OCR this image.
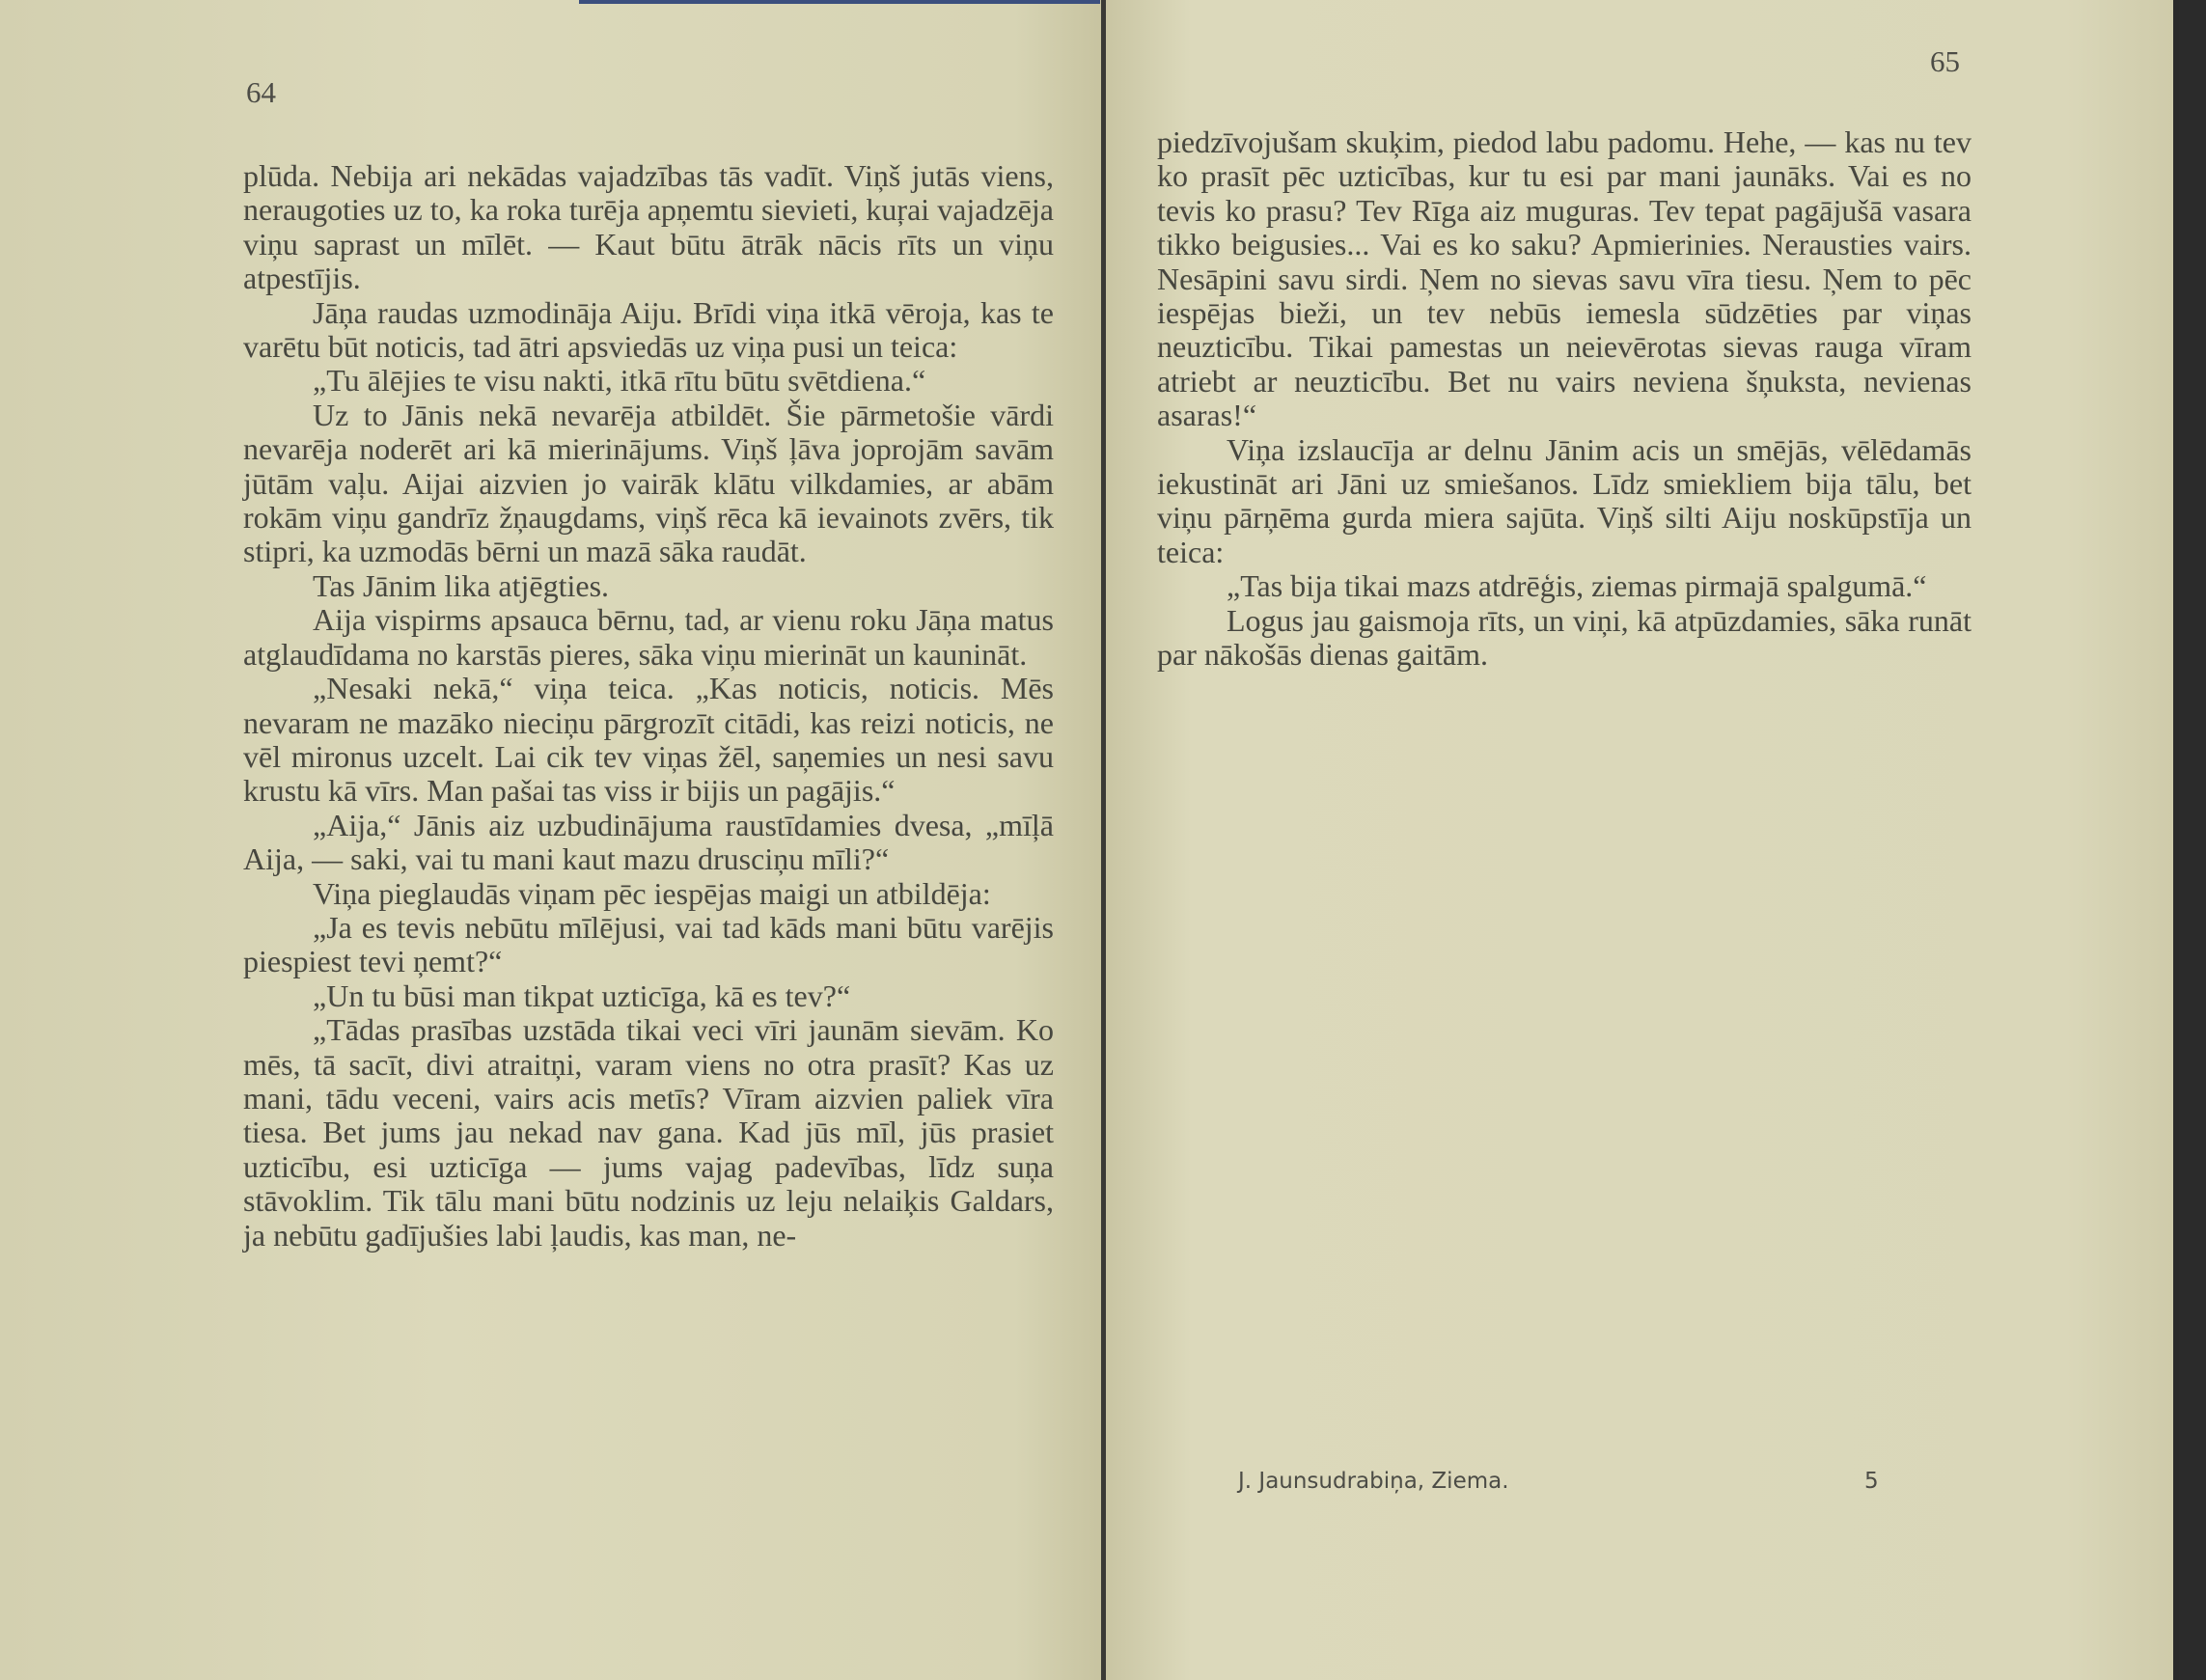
64

plūda. Nebija ari nekādas vajadzības tās vadīt. Viņš jutās viens, neraugoties uz to, ka roka turēja apņemtu sievieti, kuŗai vajadzēja viņu saprast un mīlēt. — Kaut būtu ātrāk nācis rīts un viņu atpestījis.

Jāņa raudas uzmodināja Aiju. Brīdi viņa itkā vēroja, kas te varētu būt noticis, tad ātri apsviedās uz viņa pusi un teica:

„Tu ālējies te visu nakti, itkā rītu būtu svētdiena.“

Uz to Jānis nekā nevarēja atbildēt. Šie pārmetošie vārdi nevarēja noderēt ari kā mierinājums. Viņš ļāva joprojām savām jūtām vaļu. Aijai aizvien jo vairāk klātu vilkdamies, ar abām rokām viņu gandrīz žņaugdams, viņš rēca kā ievainots zvērs, tik stipri, ka uzmodās bērni un mazā sāka raudāt.

Tas Jānim lika atjēgties.

Aija vispirms apsauca bērnu, tad, ar vienu roku Jāņa matus atglaudīdama no karstās pieres, sāka viņu mierināt un kaunināt.

„Nesaki nekā,“ viņa teica. „Kas noticis, noticis. Mēs nevaram ne mazāko nieciņu pārgrozīt citādi, kas reizi noticis, ne vēl mironus uzcelt. Lai cik tev viņas žēl, saņemies un nesi savu krustu kā vīrs. Man pašai tas viss ir bijis un pagājis.“

„Aija,“ Jānis aiz uzbudinājuma raustīdamies dvesa, „mīļā Aija, — saki, vai tu mani kaut mazu drusciņu mīli?“

Viņa pieglaudās viņam pēc iespējas maigi un atbildēja:

„Ja es tevis nebūtu mīlējusi, vai tad kāds mani būtu varējis piespiest tevi ņemt?“

„Un tu būsi man tikpat uzticīga, kā es tev?“

„Tādas prasības uzstāda tikai veci vīri jaunām sievām. Ko mēs, tā sacīt, divi atraitņi, varam viens no otra prasīt? Kas uz mani, tādu veceni, vairs acis metīs? Vīram aizvien paliek vīra tiesa. Bet jums jau nekad nav gana. Kad jūs mīl, jūs prasiet uzticību, esi uzticīga — jums vajag padevības, līdz suņa stāvoklim. Tik tālu mani būtu nodzinis uz leju nelaiķis Galdars, ja nebūtu gadījušies labi ļaudis, kas man, ne-

65

piedzīvojušam skuķim, piedod labu padomu. Hehe, — kas nu tev ko prasīt pēc uzticības, kur tu esi par mani jaunāks. Vai es no tevis ko prasu? Tev Rīga aiz muguras. Tev tepat pagājušā vasara tikko beigusies... Vai es ko saku? Apmierinies. Nerausties vairs. Nesāpini savu sirdi. Ņem no sievas savu vīra tiesu. Ņem to pēc iespējas bieži, un tev nebūs iemesla sūdzēties par viņas neuzticību. Tikai pamestas un neievērotas sievas rauga vīram atriebt ar neuzticību. Bet nu vairs neviena šņuksta, nevienas asaras!“

Viņa izslaucīja ar delnu Jānim acis un smējās, vēlēdamās iekustināt ari Jāni uz smiešanos. Līdz smiekliem bija tālu, bet viņu pārņēma gurda miera sajūta. Viņš silti Aiju noskūpstīja un teica:

„Tas bija tikai mazs atdrēģis, ziemas pirmajā spalgumā.“

Logus jau gaismoja rīts, un viņi, kā atpūzdamies, sāka runāt par nākošās dienas gaitām.

J. Jaunsudrabiņa, Ziema.	5
